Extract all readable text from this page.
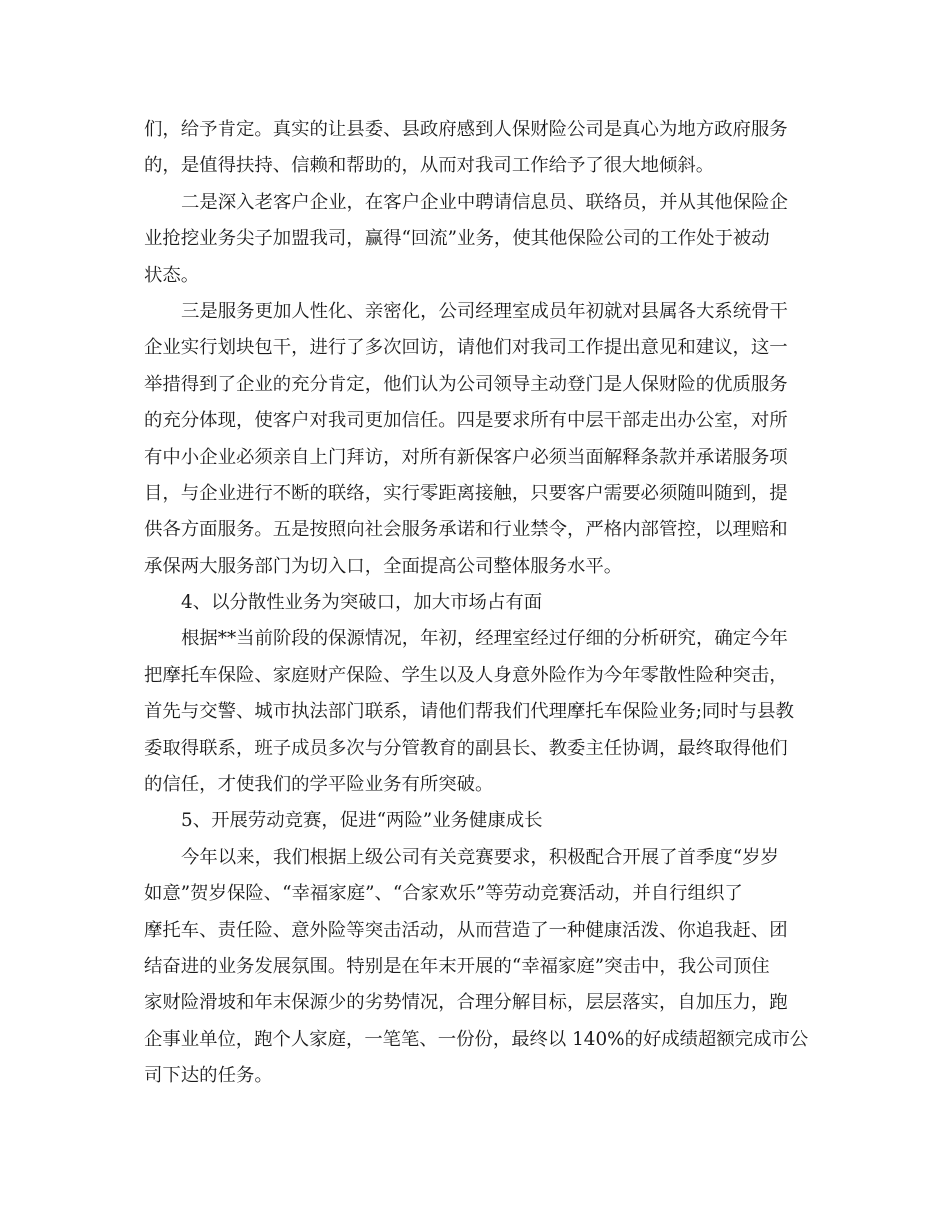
们，给予肯定。真实的让县委、县政府感到人保财险公司是真心为地方政府服务
的，是值得扶持、信赖和帮助的，从而对我司工作给予了很大地倾斜。
二是深入老客户企业，在客户企业中聘请信息员、联络员，并从其他保险企
业抢挖业务尖子加盟我司，赢得“回流”业务，使其他保险公司的工作处于被动
状态。
三是服务更加人性化、亲密化，公司经理室成员年初就对县属各大系统骨干
企业实行划块包干，进行了多次回访，请他们对我司工作提出意见和建议，这一
举措得到了企业的充分肯定，他们认为公司领导主动登门是人保财险的优质服务
的充分体现，使客户对我司更加信任。四是要求所有中层干部走出办公室，对所
有中小企业必须亲自上门拜访，对所有新保客户必须当面解释条款并承诺服务项
目，与企业进行不断的联络，实行零距离接触，只要客户需要必须随叫随到，提
供各方面服务。五是按照向社会服务承诺和行业禁令，严格内部管控，以理赔和
承保两大服务部门为切入口，全面提高公司整体服务水平。
4、以分散性业务为突破口，加大市场占有面
根据**当前阶段的保源情况，年初，经理室经过仔细的分析研究，确定今年
把摩托车保险、家庭财产保险、学生以及人身意外险作为今年零散性险种突击，
首先与交警、城市执法部门联系，请他们帮我们代理摩托车保险业务;同时与县教
委取得联系，班子成员多次与分管教育的副县长、教委主任协调，最终取得他们
的信任，才使我们的学平险业务有所突破。
5、开展劳动竞赛，促进“两险”业务健康成长
今年以来，我们根据上级公司有关竞赛要求，积极配合开展了首季度“岁岁
如意”贺岁保险、“幸福家庭”、“合家欢乐”等劳动竞赛活动，并自行组织了
摩托车、责任险、意外险等突击活动，从而营造了一种健康活泼、你追我赶、团
结奋进的业务发展氛围。特别是在年末开展的“幸福家庭”突击中，我公司顶住
家财险滑坡和年末保源少的劣势情况，合理分解目标，层层落实，自加压力，跑
企事业单位，跑个人家庭，一笔笔、一份份，最终以 140%的好成绩超额完成市公
司下达的任务。
